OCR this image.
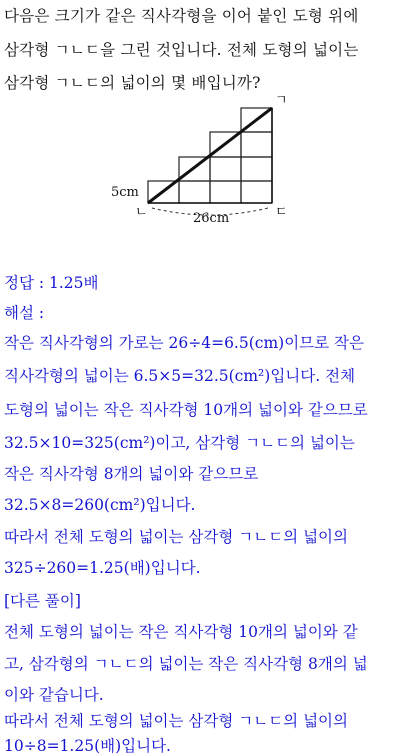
다음은 크기가 같은 직사각형을 이어 붙인 도형 위에
삼각형 ㄱㄴㄷ을 그린 것입니다. 전체 도형의 넓이는
삼각형 ㄱㄴㄷ의 넓이의 몇 배입니까?
ㄱ
ㄴ	ㄷ
5cm
26cm
정답 : 1.25배
해설 :
작은 직사각형의 가로는 26÷4=6.5(cm)이므로 작은
직사각형의 넓이는 6.5×5=32.5(cm²)입니다. 전체
도형의 넓이는 작은 직사각형 10개의 넓이와 같으므로
32.5×10=325(cm²)이고, 삼각형 ㄱㄴㄷ의 넓이는
작은 직사각형 8개의 넓이와 같으므로
32.5×8=260(cm²)입니다.
따라서 전체 도형의 넓이는 삼각형 ㄱㄴㄷ의 넓이의
325÷260=1.25(배)입니다.
[다른 풀이]
전체 도형의 넓이는 작은 직사각형 10개의 넓이와 같
고, 삼각형의 ㄱㄴㄷ의 넓이는 작은 직사각형 8개의 넓
이와 같습니다.
따라서 전체 도형의 넓이는 삼각형 ㄱㄴㄷ의 넓이의
10÷8=1.25(배)입니다.
